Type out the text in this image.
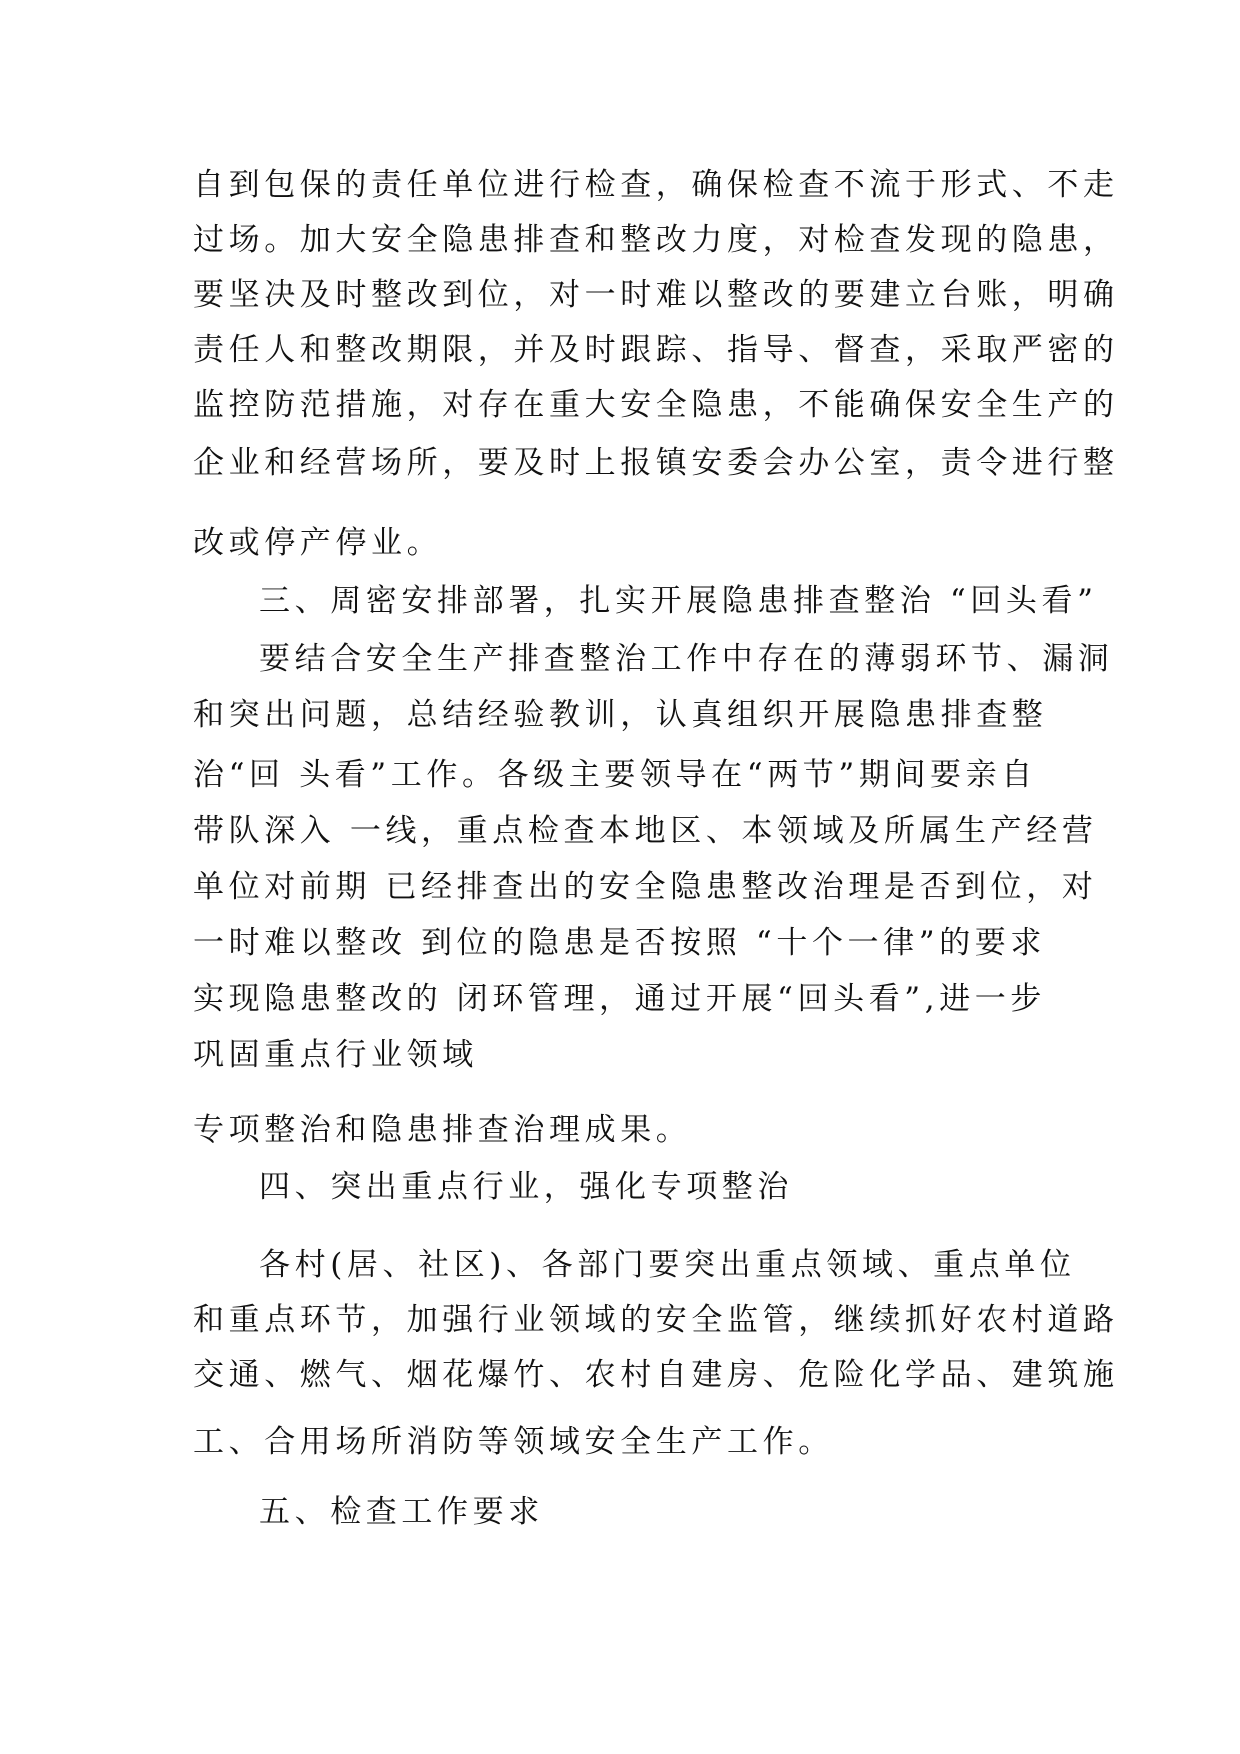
自到包保的责任单位进行检查，确保检查不流于形式、不走
过场。加大安全隐患排查和整改力度，对检查发现的隐患，
要坚决及时整改到位，对一时难以整改的要建立台账，明确
责任人和整改期限，并及时跟踪、指导、督查，采取严密的
监控防范措施，对存在重大安全隐患，不能确保安全生产的
企业和经营场所，要及时上报镇安委会办公室，责令进行整
改或停产停业。
三、周密安排部署，扎实开展隐患排查整治 “回头看”
要结合安全生产排查整治工作中存在的薄弱环节、漏洞
和突出问题，总结经验教训，认真组织开展隐患排查整
治“回 头看”工作。各级主要领导在“两节”期间要亲自
带队深入 一线，重点检查本地区、本领域及所属生产经营
单位对前期 已经排查出的安全隐患整改治理是否到位，对
一时难以整改 到位的隐患是否按照 “十个一律”的要求
实现隐患整改的 闭环管理，通过开展“回头看”,进一步
巩固重点行业领域
专项整治和隐患排查治理成果。
四、突出重点行业，强化专项整治
各村(居、社区)、各部门要突出重点领域、重点单位
和重点环节，加强行业领域的安全监管，继续抓好农村道路
交通、燃气、烟花爆竹、农村自建房、危险化学品、建筑施
工、合用场所消防等领域安全生产工作。
五、检查工作要求
